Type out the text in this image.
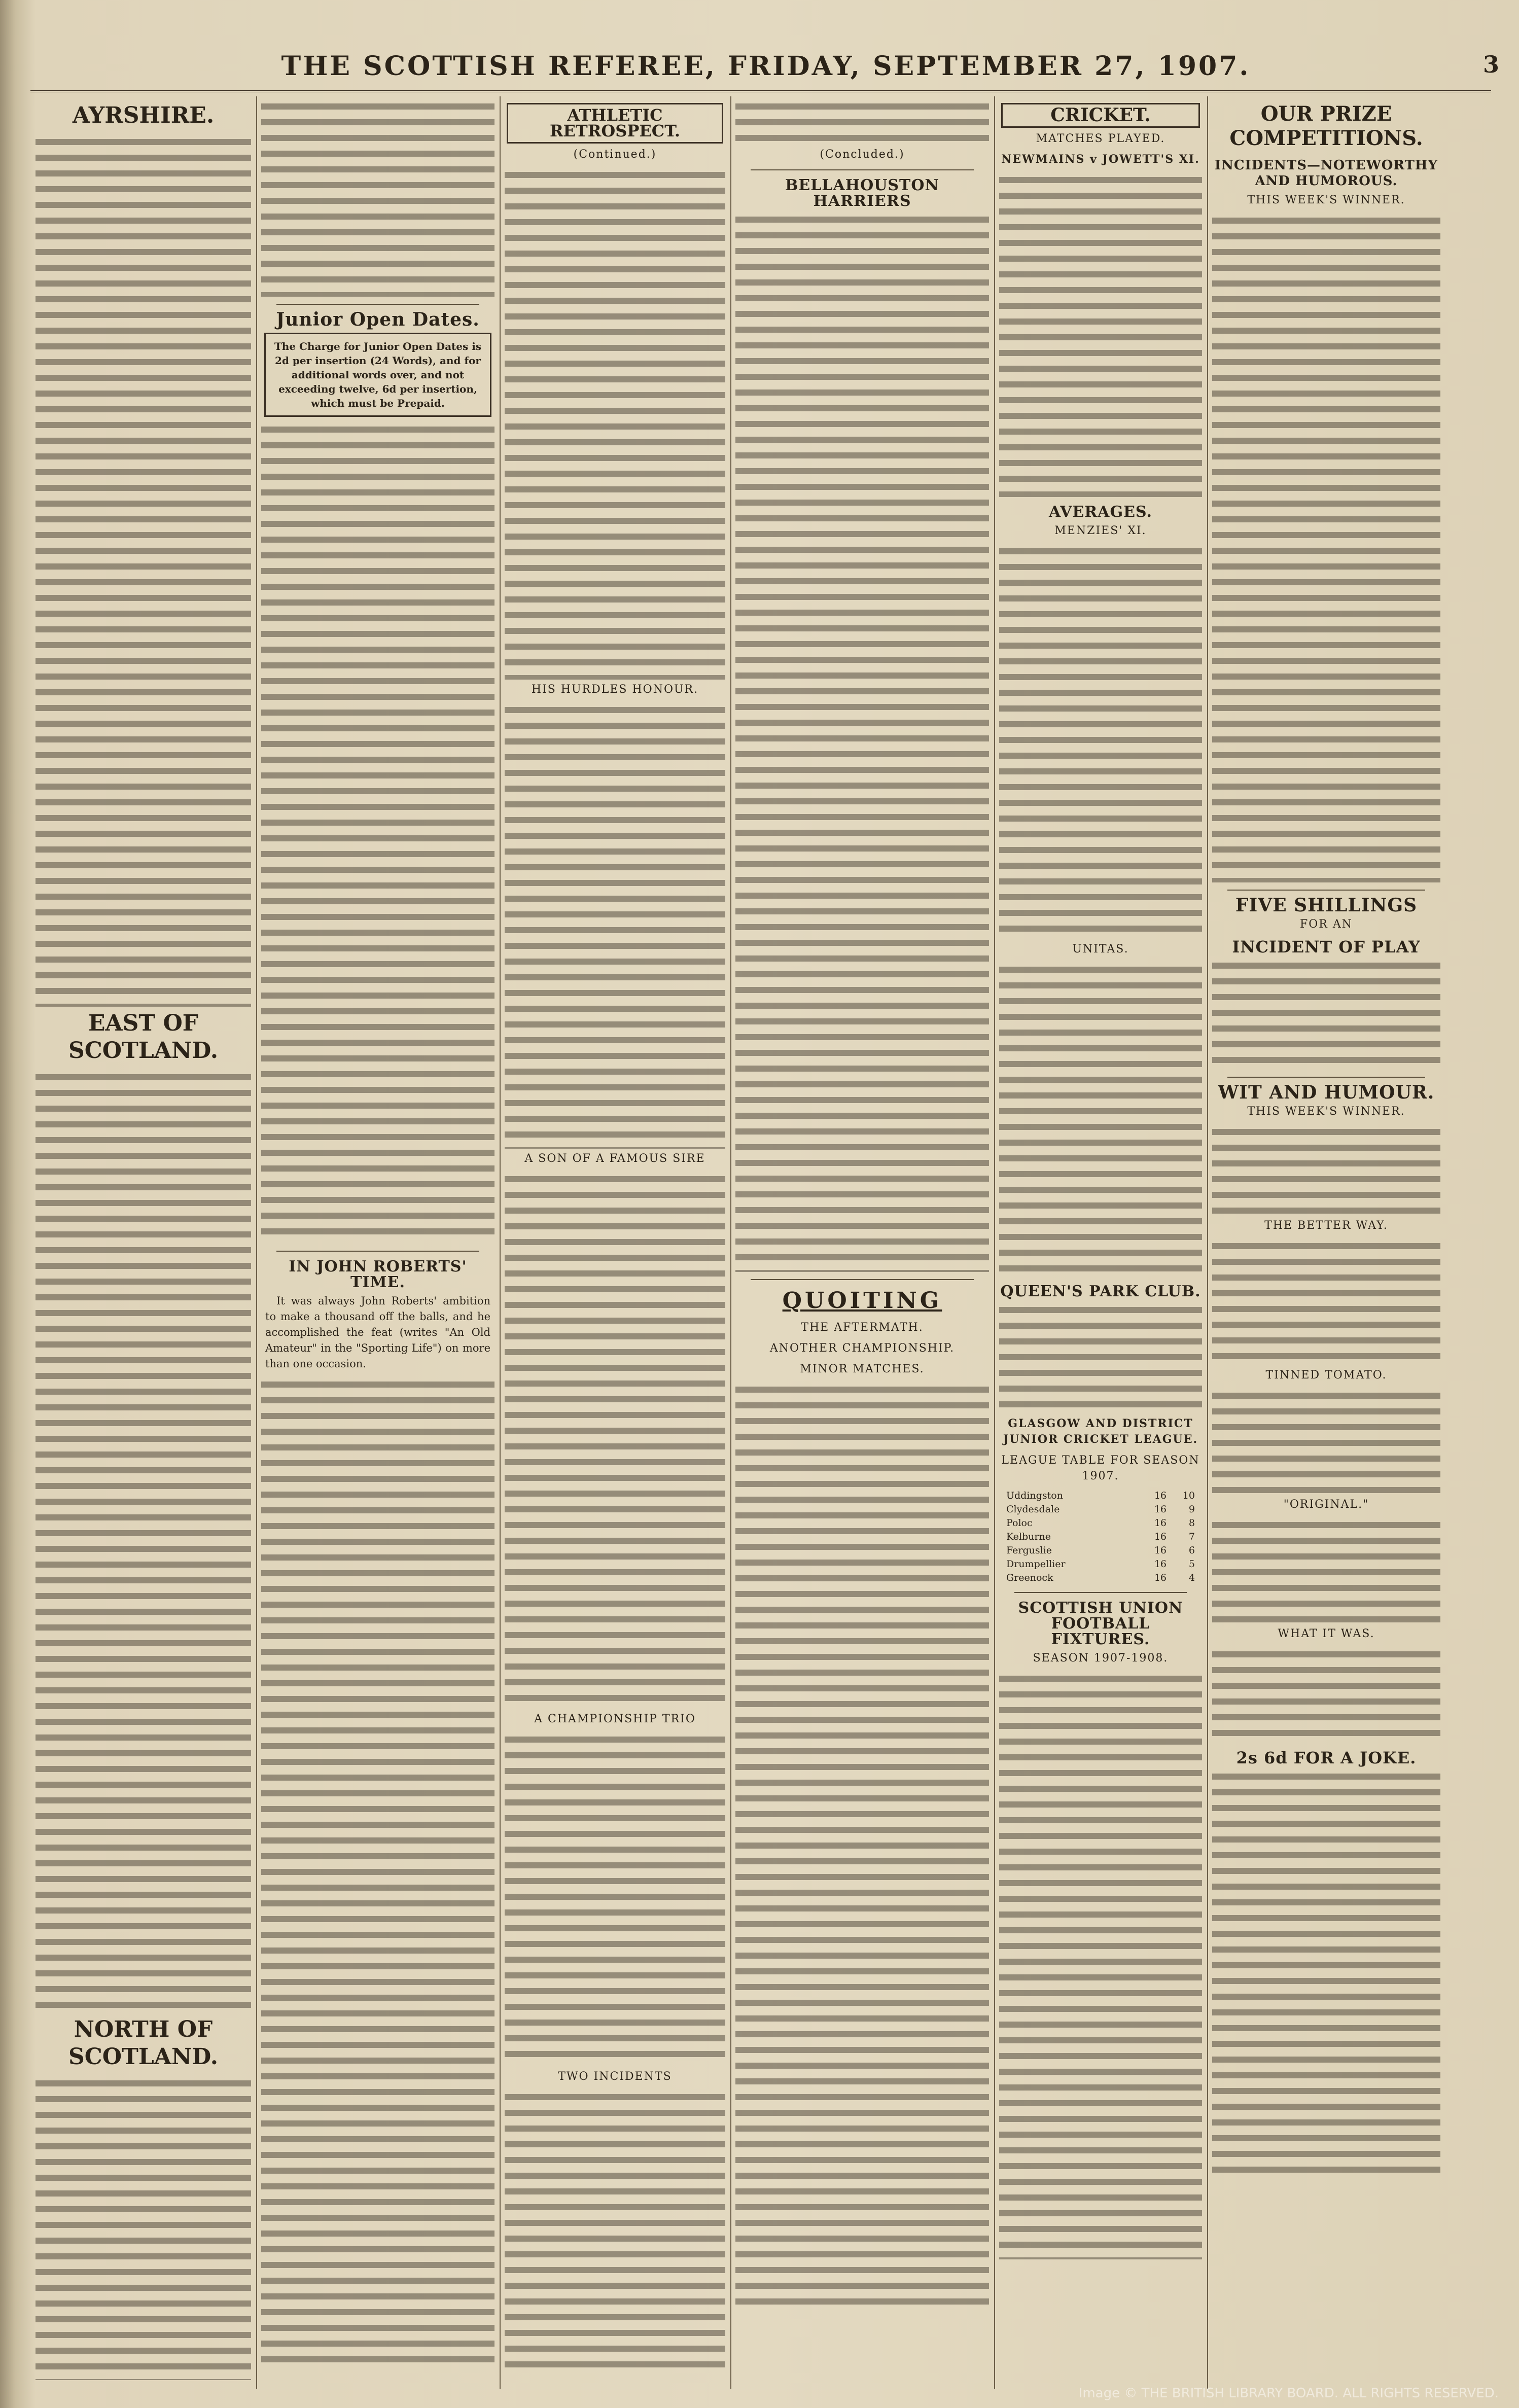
THE SCOTTISH REFEREE, FRIDAY, SEPTEMBER 27, 1907.	3
AYRSHIRE.
EAST OF SCOTLAND.
NORTH OF SCOTLAND.
Junior Open Dates.
The Charge for Junior Open Dates is 2d per insertion (24 Words), and for additional words over, and not exceeding twelve, 6d per insertion, which must be Prepaid.
IN JOHN ROBERTS' TIME.
It was always John Roberts' ambition to make a thousand off the balls, and he accomplished the feat (writes "An Old Amateur" in the "Sporting Life") on more than one occasion.
ATHLETIC RETROSPECT.
(Continued.)
HIS HURDLES HONOUR.
A SON OF A FAMOUS SIRE
A CHAMPIONSHIP TRIO
TWO INCIDENTS
(Concluded.)
BELLAHOUSTON HARRIERS
QUOITING
THE AFTERMATH.
ANOTHER CHAMPIONSHIP.
MINOR MATCHES.
CRICKET.
MATCHES PLAYED.
NEWMAINS v JOWETT'S XI.
AVERAGES.
MENZIES' XI.
UNITAS.
QUEEN'S PARK CLUB.
GLASGOW AND DISTRICT JUNIOR CRICKET LEAGUE.
LEAGUE TABLE FOR SEASON 1907.
Uddingston	16	10
Clydesdale	16	9
Poloc	16	8
Kelburne	16	7
Ferguslie	16	6
Drumpellier	16	5
Greenock	16	4
SCOTTISH UNION FOOTBALL FIXTURES.
SEASON 1907-1908.
OUR PRIZE COMPETITIONS.
INCIDENTS—NOTEWORTHY AND HUMOROUS.
THIS WEEK'S WINNER.
FIVE SHILLINGS
FOR AN
INCIDENT OF PLAY
WIT AND HUMOUR.
THIS WEEK'S WINNER.
THE BETTER WAY.
TINNED TOMATO.
"ORIGINAL."
WHAT IT WAS.
2s 6d FOR A JOKE.
Image © THE BRITISH LIBRARY BOARD. ALL RIGHTS RESERVED.
